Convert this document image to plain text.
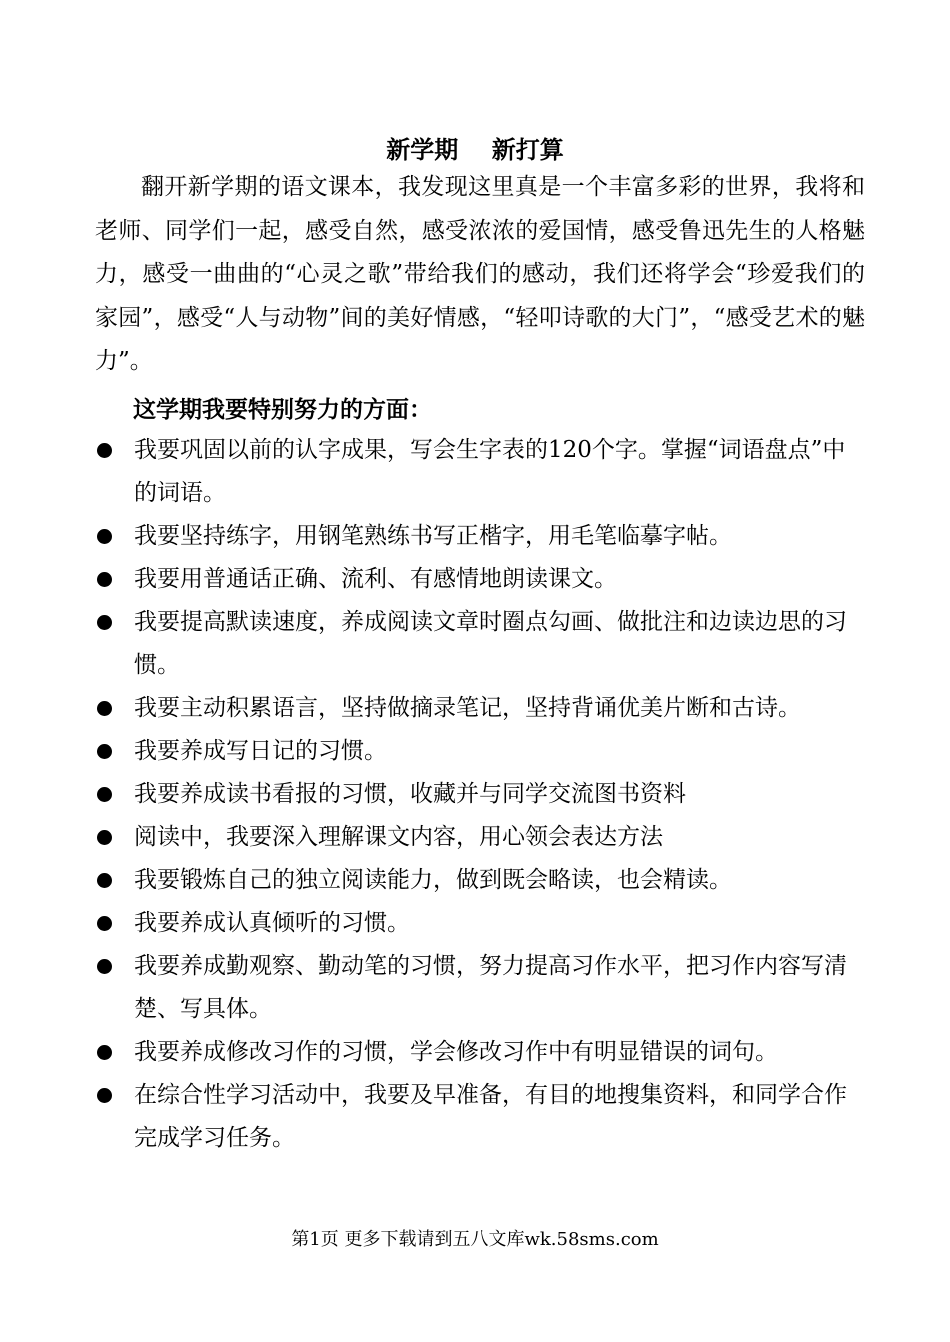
新学期    新打算

翻开新学期的语文课本，我发现这里真是一个丰富多彩的世界，我将和老师、同学们一起，感受自然，感受浓浓的爱国情，感受鲁迅先生的人格魅力，感受一曲曲的“心灵之歌”带给我们的感动，我们还将学会“珍爱我们的家园”，感受“人与动物”间的美好情感，“轻叩诗歌的大门”，“感受艺术的魅力”。

这学期我要特别努力的方面：
我要巩固以前的认字成果，写会生字表的120个字。掌握“词语盘点”中的词语。
我要坚持练字，用钢笔熟练书写正楷字，用毛笔临摹字帖。
我要用普通话正确、流利、有感情地朗读课文。
我要提高默读速度，养成阅读文章时圈点勾画、做批注和边读边思的习惯。
我要主动积累语言，坚持做摘录笔记，坚持背诵优美片断和古诗。
我要养成写日记的习惯。
我要养成读书看报的习惯，收藏并与同学交流图书资料
阅读中，我要深入理解课文内容，用心领会表达方法
我要锻炼自己的独立阅读能力，做到既会略读，也会精读。
我要养成认真倾听的习惯。
我要养成勤观察、勤动笔的习惯，努力提高习作水平，把习作内容写清楚、写具体。
我要养成修改习作的习惯，学会修改习作中有明显错误的词句。
在综合性学习活动中，我要及早准备，有目的地搜集资料，和同学合作完成学习任务。
第1页 更多下载请到五八文库wk.58sms.com
